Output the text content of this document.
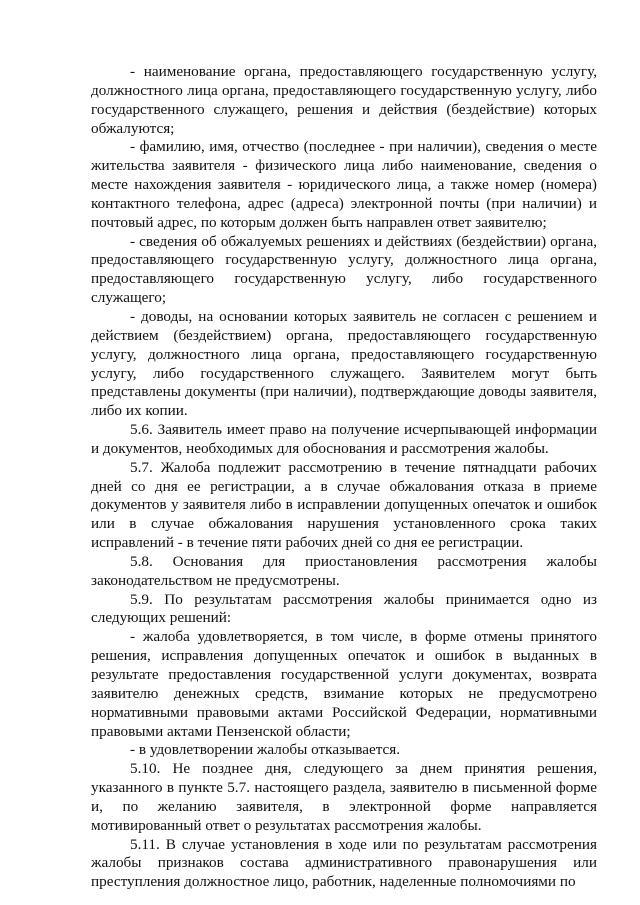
- наименование органа, предоставляющего государственную услугу, должностного лица органа, предоставляющего государственную услугу, либо государственного служащего, решения и действия (бездействие) которых обжалуются;

- фамилию, имя, отчество (последнее - при наличии), сведения о месте жительства заявителя - физического лица либо наименование, сведения о месте нахождения заявителя - юридического лица, а также номер (номера) контактного телефона, адрес (адреса) электронной почты (при наличии) и почтовый адрес, по которым должен быть направлен ответ заявителю;

- сведения об обжалуемых решениях и действиях (бездействии) органа, предоставляющего государственную услугу, должностного лица органа, предоставляющего государственную услугу, либо государственного служащего;

- доводы, на основании которых заявитель не согласен с решением и действием (бездействием) органа, предоставляющего государственную услугу, должностного лица органа, предоставляющего государственную услугу, либо государственного служащего. Заявителем могут быть представлены документы (при наличии), подтверждающие доводы заявителя, либо их копии.

5.6. Заявитель имеет право на получение исчерпывающей информации и документов, необходимых для обоснования и рассмотрения жалобы.

5.7. Жалоба подлежит рассмотрению в течение пятнадцати рабочих дней со дня ее регистрации, а в случае обжалования отказа в приеме документов у заявителя либо в исправлении допущенных опечаток и ошибок или в случае обжалования нарушения установленного срока таких исправлений - в течение пяти рабочих дней со дня ее регистрации.

5.8. Основания для приостановления рассмотрения жалобы законодательством не предусмотрены.

5.9. По результатам рассмотрения жалобы принимается одно из следующих решений:

- жалоба удовлетворяется, в том числе, в форме отмены принятого решения, исправления допущенных опечаток и ошибок в выданных в результате предоставления государственной услуги документах, возврата заявителю денежных средств, взимание которых не предусмотрено нормативными правовыми актами Российской Федерации, нормативными правовыми актами Пензенской области;

- в удовлетворении жалобы отказывается.

5.10. Не позднее дня, следующего за днем принятия решения, указанного в пункте 5.7. настоящего раздела, заявителю в письменной форме и, по желанию заявителя, в электронной форме направляется мотивированный ответ о результатах рассмотрения жалобы.

5.11. В случае установления в ходе или по результатам рассмотрения жалобы признаков состава административного правонарушения или преступления должностное лицо, работник, наделенные полномочиями по
